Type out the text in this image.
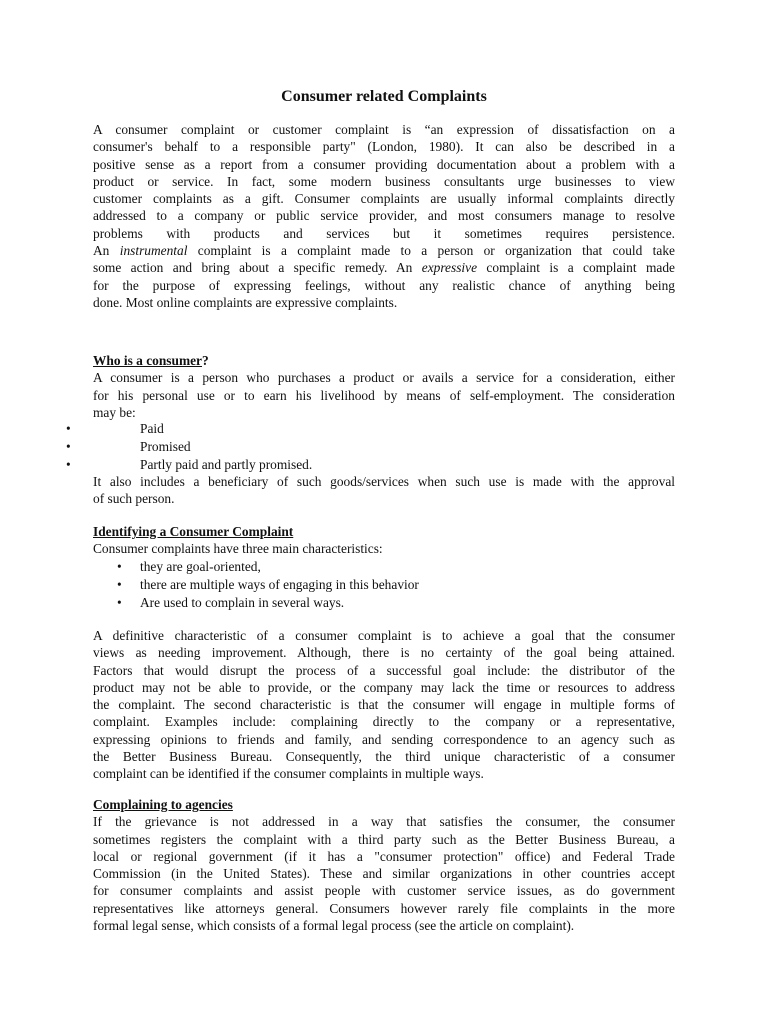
Consumer related Complaints
A consumer complaint or customer complaint is “an expression of dissatisfaction on a
consumer's behalf to a responsible party" (London, 1980). It can also be described in a
positive sense as a report from a consumer providing documentation about a problem with a
product or service. In fact, some modern business consultants urge businesses to view
customer complaints as a gift. Consumer complaints are usually informal complaints directly
addressed to a company or public service provider, and most consumers manage to resolve
problems with products and services but it sometimes requires persistence.
An instrumental complaint is a complaint made to a person or organization that could take
some action and bring about a specific remedy. An expressive complaint is a complaint made
for the purpose of expressing feelings, without any realistic chance of anything being
done. Most online complaints are expressive complaints.
Who is a consumer?
A consumer is a person who purchases a product or avails a service for a consideration, either
for his personal use or to earn his livelihood by means of self-employment. The consideration
may be:
•	Paid
•	Promised
•	Partly paid and partly promised.
It also includes a beneficiary of such goods/services when such use is made with the approval
of such person.
Identifying a Consumer Complaint
Consumer complaints have three main characteristics:
• they are goal-oriented,
• there are multiple ways of engaging in this behavior
• Are used to complain in several ways.
A definitive characteristic of a consumer complaint is to achieve a goal that the consumer
views as needing improvement. Although, there is no certainty of the goal being attained.
Factors that would disrupt the process of a successful goal include: the distributor of the
product may not be able to provide, or the company may lack the time or resources to address
the complaint. The second characteristic is that the consumer will engage in multiple forms of
complaint. Examples include: complaining directly to the company or a representative,
expressing opinions to friends and family, and sending correspondence to an agency such as
the Better Business Bureau. Consequently, the third unique characteristic of a consumer
complaint can be identified if the consumer complaints in multiple ways.
Complaining to agencies
If the grievance is not addressed in a way that satisfies the consumer, the consumer
sometimes registers the complaint with a third party such as the Better Business Bureau, a
local or regional government (if it has a "consumer protection" office) and Federal Trade
Commission (in the United States). These and similar organizations in other countries accept
for consumer complaints and assist people with customer service issues, as do government
representatives like attorneys general. Consumers however rarely file complaints in the more
formal legal sense, which consists of a formal legal process (see the article on complaint).
